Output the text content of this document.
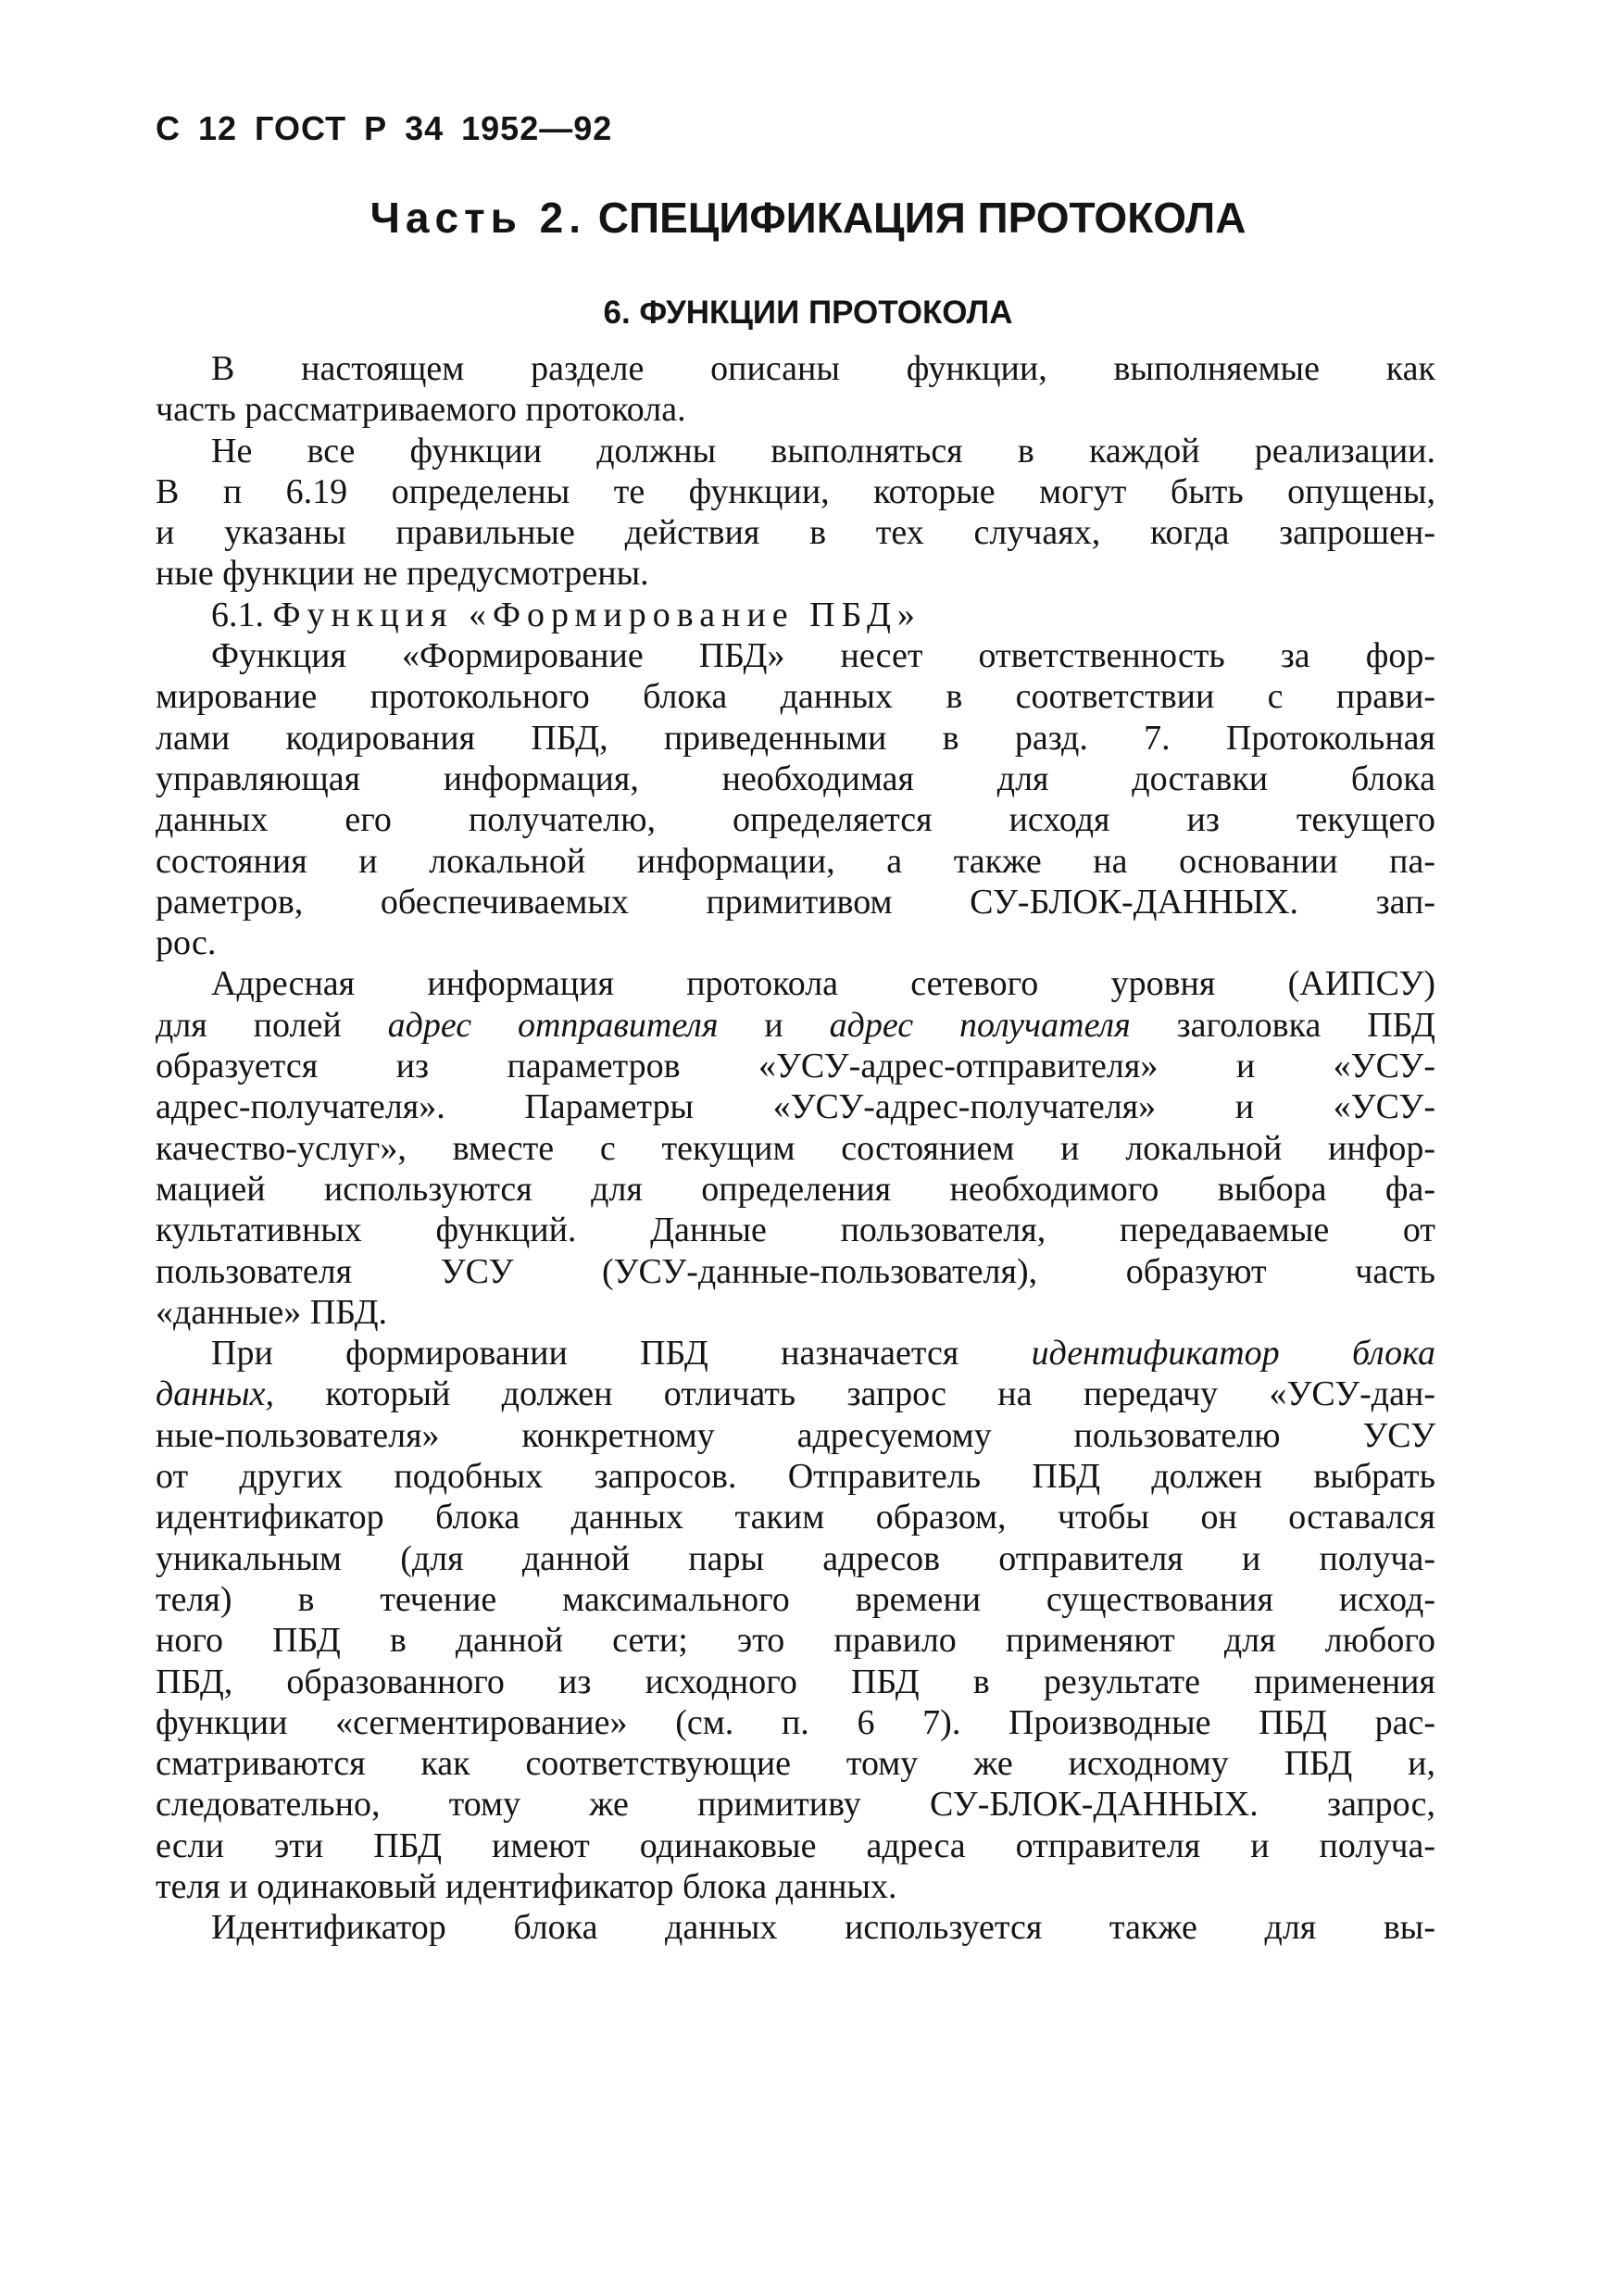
С 12 ГОСТ Р 34 1952—92
Часть 2. СПЕЦИФИКАЦИЯ ПРОТОКОЛА
6. ФУНКЦИИ ПРОТОКОЛА
В настоящем разделе описаны функции, выполняемые как
часть рассматриваемого протокола.
Не все функции должны выполняться в каждой реализации.
В п 6.19 определены те функции, которые могут быть опущены,
и указаны правильные действия в тех случаях, когда запрошен-
ные функции не предусмотрены.
6.1. Функция «Формирование ПБД»
Функция «Формирование ПБД» несет ответственность за фор-
мирование протокольного блока данных в соответствии с прави-
лами кодирования ПБД, приведенными в разд. 7. Протокольная
управляющая информация, необходимая для доставки блока
данных его получателю, определяется исходя из текущего
состояния и локальной информации, а также на основании па-
раметров, обеспечиваемых примитивом СУ-БЛОК-ДАННЫХ. зап-
рос.
Адресная информация протокола сетевого уровня (АИПСУ)
для полей адрес отправителя и адрес получателя заголовка ПБД
образуется из параметров «УСУ-адрес-отправителя» и «УСУ-
адрес-получателя». Параметры «УСУ-адрес-получателя» и «УСУ-
качество-услуг», вместе с текущим состоянием и локальной инфор-
мацией используются для определения необходимого выбора фа-
культативных функций. Данные пользователя, передаваемые от
пользователя УСУ (УСУ-данные-пользователя), образуют часть
«данные» ПБД.
При формировании ПБД назначается идентификатор блока
данных, который должен отличать запрос на передачу «УСУ-дан-
ные-пользователя» конкретному адресуемому пользователю УСУ
от других подобных запросов. Отправитель ПБД должен выбрать
идентификатор блока данных таким образом, чтобы он оставался
уникальным (для данной пары адресов отправителя и получа-
теля) в течение максимального времени существования исход-
ного ПБД в данной сети; это правило применяют для любого
ПБД, образованного из исходного ПБД в результате применения
функции «сегментирование» (см. п. 6 7). Производные ПБД рас-
сматриваются как соответствующие тому же исходному ПБД и,
следовательно, тому же примитиву СУ-БЛОК-ДАННЫХ. запрос,
если эти ПБД имеют одинаковые адреса отправителя и получа-
теля и одинаковый идентификатор блока данных.
Идентификатор блока данных используется также для вы-
